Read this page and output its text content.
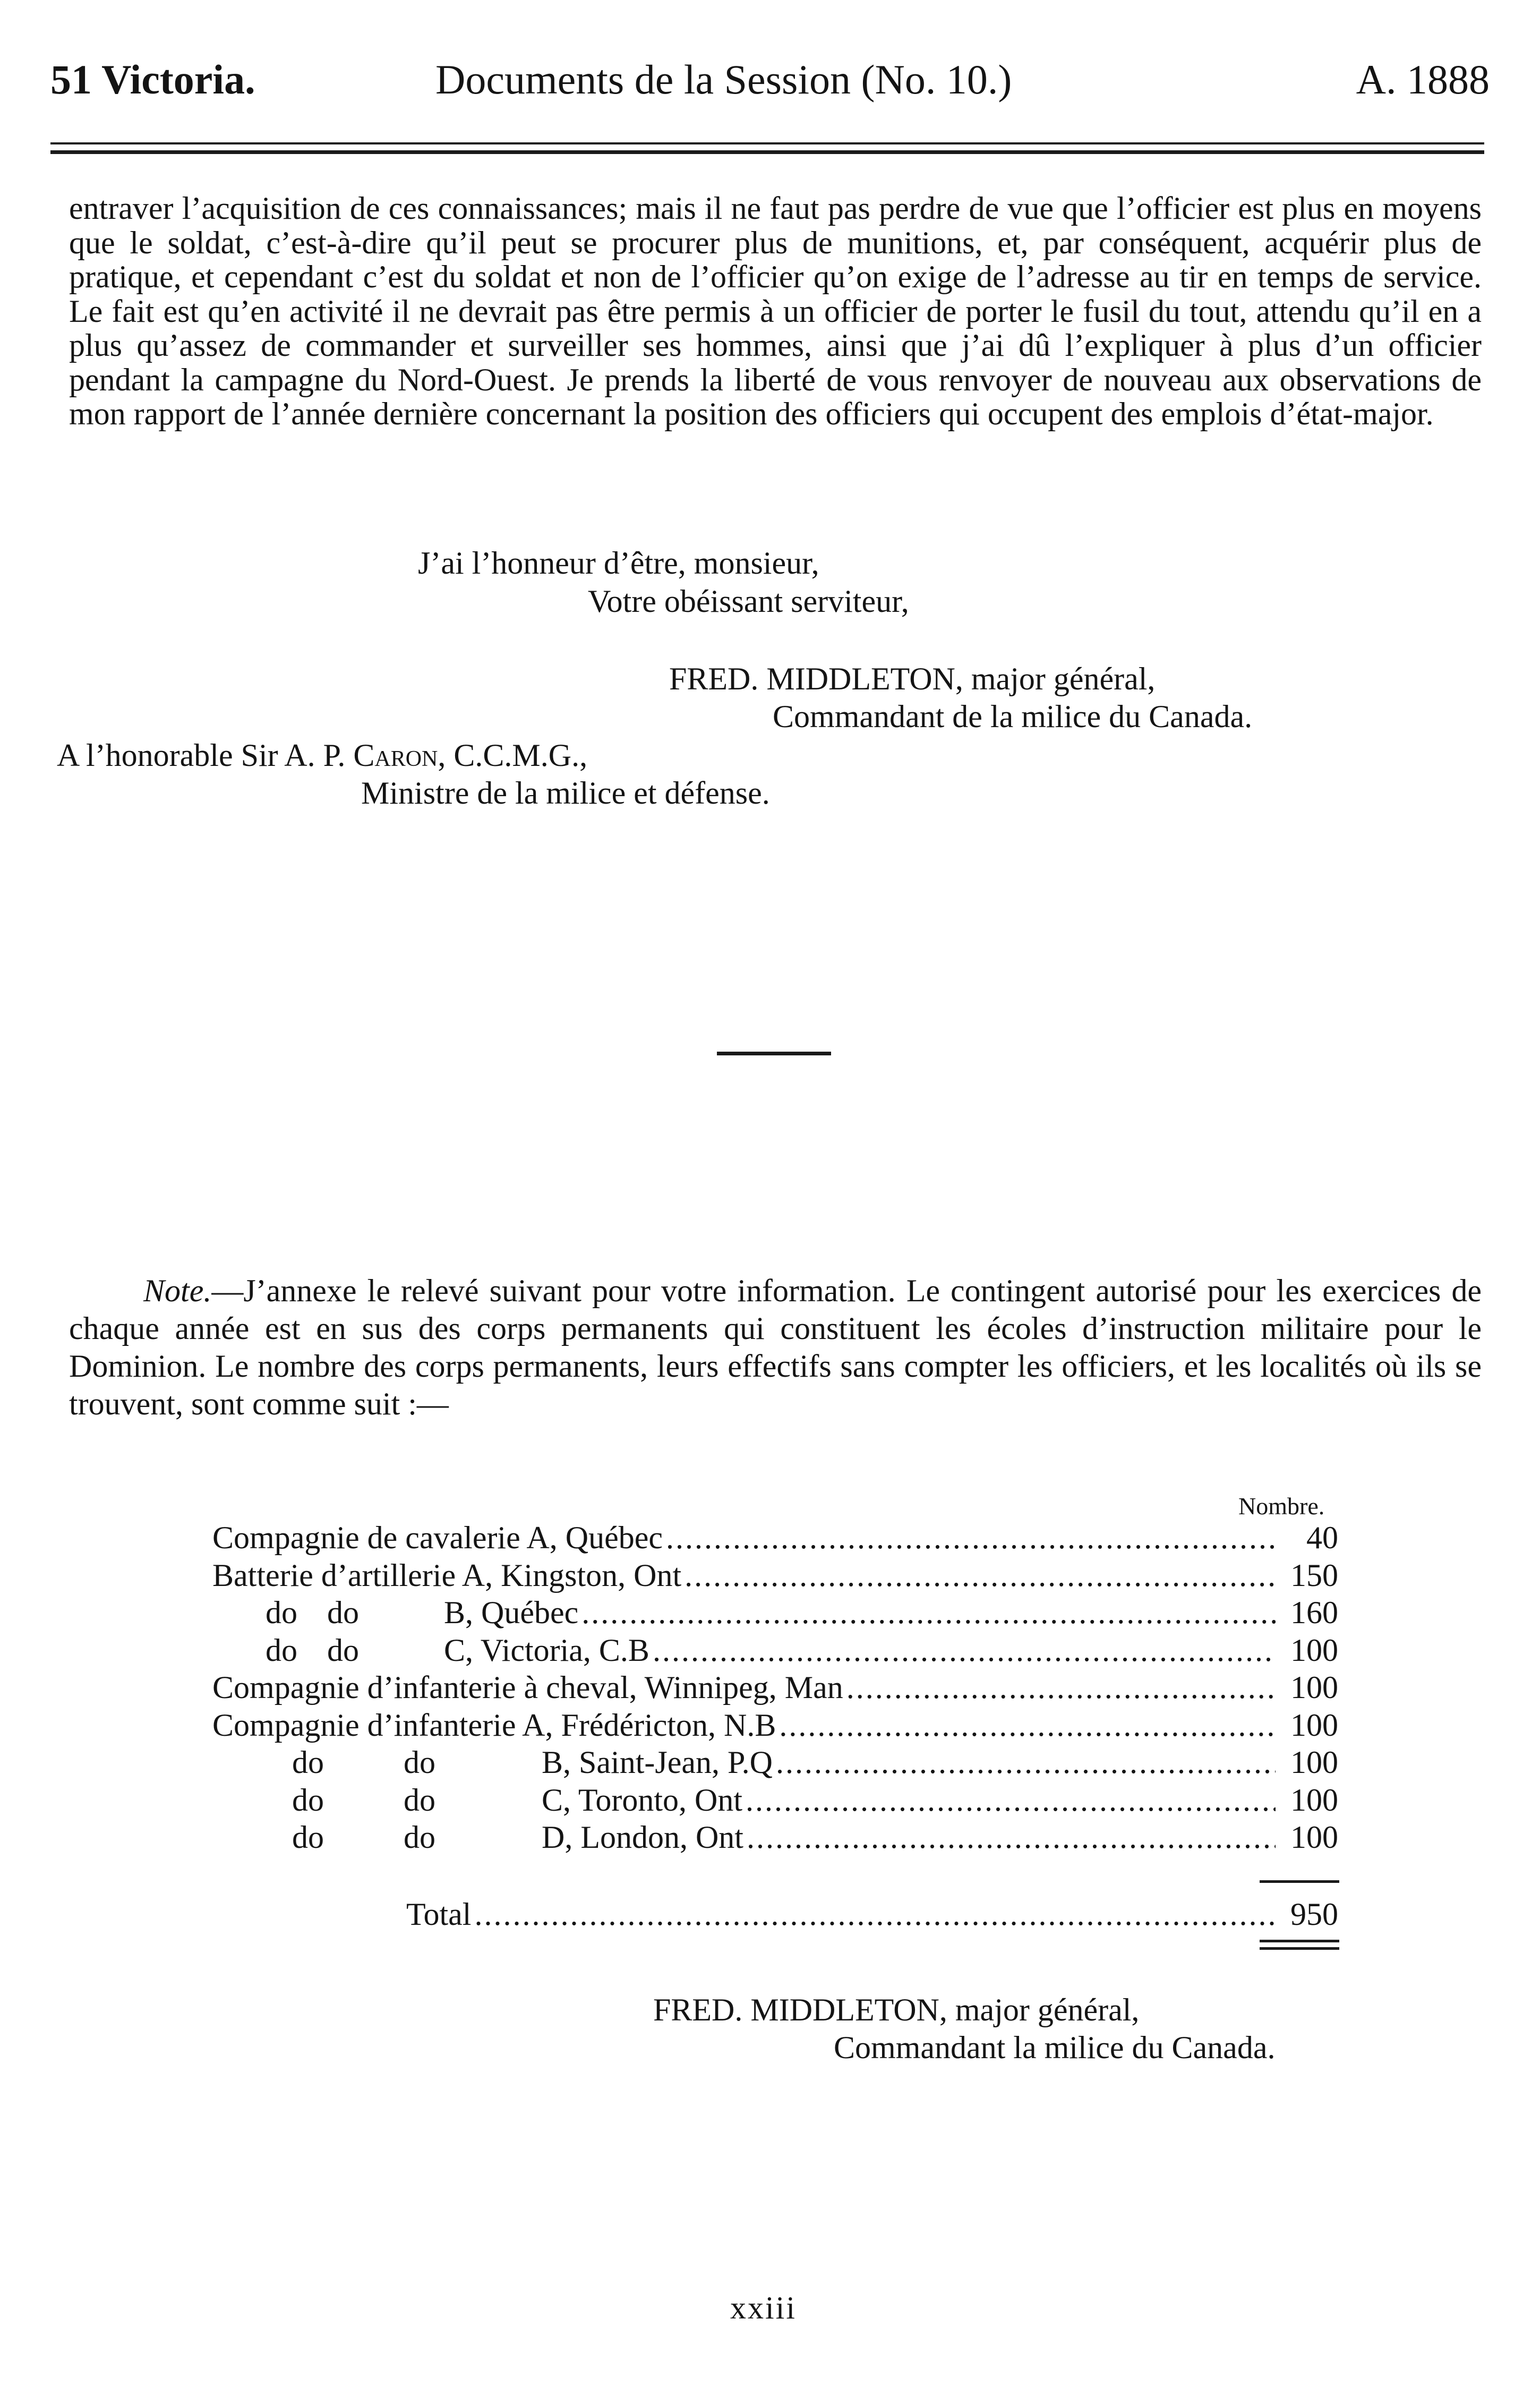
51 Victoria.	Documents de la Session (No. 10.)	A. 1888
entraver l’acquisition de ces connaissances; mais il ne faut pas perdre de vue que l’officier est plus en moyens que le soldat, c’est-à-dire qu’il peut se procurer plus de munitions, et, par conséquent, acquérir plus de pratique, et cependant c’est du soldat et non de l’officier qu’on exige de l’adresse au tir en temps de service. Le fait est qu’en activité il ne devrait pas être permis à un officier de porter le fusil du tout, attendu qu’il en a plus qu’assez de commander et surveiller ses hommes, ainsi que j’ai dû l’expliquer à plus d’un officier pendant la campagne du Nord-Ouest. Je prends la liberté de vous renvoyer de nouveau aux observations de mon rapport de l’année dernière concernant la position des officiers qui occupent des emplois d’état-major.
J’ai l’honneur d’être, monsieur,
Votre obéissant serviteur,
FRED. MIDDLETON, major général,
Commandant de la milice du Canada.
A l’honorable Sir A. P. Caron, C.C.M.G.,
Ministre de la milice et défense.
Note.—J’annexe le relevé suivant pour votre information. Le contingent autorisé pour les exercices de chaque année est en sus des corps permanents qui constituent les écoles d’instruction militaire pour le Dominion. Le nombre des corps permanents, leurs effectifs sans compter les officiers, et les localités où ils se trouvent, sont comme suit :—
Nombre.
Compagnie de cavalerie A, Québec .....	40
Batterie d’artillerie A, Kingston, Ont .....	150
do do	B, Québec .....	160
do do	C, Victoria, C.B .....	100
Compagnie d’infanterie à cheval, Winnipeg, Man .....	100
Compagnie d’infanterie A, Frédéricton, N.B .....	100
do	do	B, Saint-Jean, P.Q .....	100
do	do	C, Toronto, Ont .....	100
do	do	D, London, Ont .....	100
Total .....	950
FRED. MIDDLETON, major général,
Commandant la milice du Canada.
xxiii
